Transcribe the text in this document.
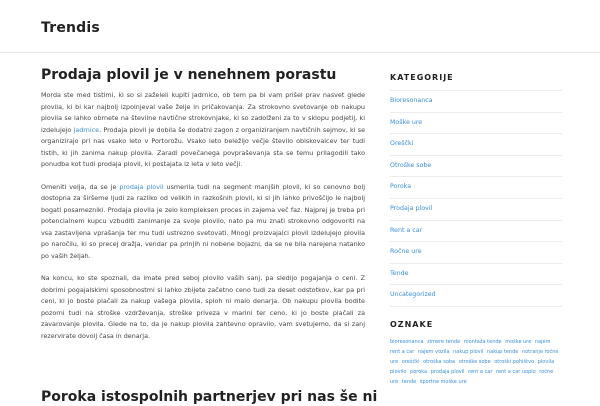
Trendis
Prodaja plovil je v nenehnem porastu

Morda ste med tistimi, ki so si zaželeli kupiti jadrnico, ob tem pa bi vam prišel prav nasvet glede plovila, ki bi kar najbolj izpolnjeval vaše želje in pričakovanja. Za strokovno svetovanje ob nakupu plovila se lahko obrnete na številne navtične strokovnjake, ki so zadolženi za to v sklopu podjetij, ki izdelujejo jadrnice. Prodaja plovil je dobila še dodatni zagon z organiziranjem navtičnih sejmov, ki se organizirajo pri nas vsako leto v Portorožu. Vsako leto beležijo večje število obiskovalcev ter tudi tistih, ki jih zanima nakup plovila. Zaradi povečanega povpraševanja sta se temu prilagodili tako ponudba kot tudi prodaja plovil, ki postajata iz leta v leto večji.

Omeniti velja, da se je prodaja plovil usmerila tudi na segment manjših plovil, ki so cenovno bolj dostopna za širšeme ljudi za razliko od velikih in razkošnih plovil, ki si jih lahko privoščijo le najbolj bogati posamezniki. Prodaja plovila je zelo kompleksen proces in zajema več faz. Najprej je treba pri potencialnem kupcu vzbuditi zanimanje za svoje plovilo, nato pa mu znati strokovno odgovoriti na vsa zastavljena vprašanja ter mu tudi ustrezno svetovati. Mnogi proizvajalci plovil izdelujejo plovila po naročilu, ki so precej dražja, vendar pa prinjih ni nobene bojazni, da se ne bila narejena natanko po vaših željah.

Na koncu, ko ste spoznali, da imate pred seboj plovilo vaših sanj, pa sledijo pogajanja o ceni. Z dobrimi pogajalskimi sposobnostmi si lahko zbijete začetno ceno tudi za deset odstotkov, kar pa pri ceni, ki jo boste plačali za nakup vašega plovila, sploh ni malo denarja. Ob nakupu plovila bodite pozorni tudi na stroške vzdrževanja, stroške priveza v marini ter ceno, ki jo boste plačali za zavarovanje plovila. Glede na to, da je nakup plovila zahtevno opravilo, vam svetujemo, da si zanj rezervirate dovolj časa in denarja.

Poroka istospolnih partnerjev pri nas še ni
KATEGORIJE
Bioresonanca
Moške ure
Oreščki
Otroške sobe
Poroka
Prodaja plovil
Rent a car
Ročne ure
Tende
Uncategorized
OZNAKE
bioresonanca zimere tende montaža tende moške ure najem rent a car najem vozila nakup plovil nakup tende notranje ročne ure oreščki otroška soba otroške sobe otroški pohištvo plovila plovilo poroka prodaja plovil rent a car rent a car uoplo ročne ure tende športne moške ure
